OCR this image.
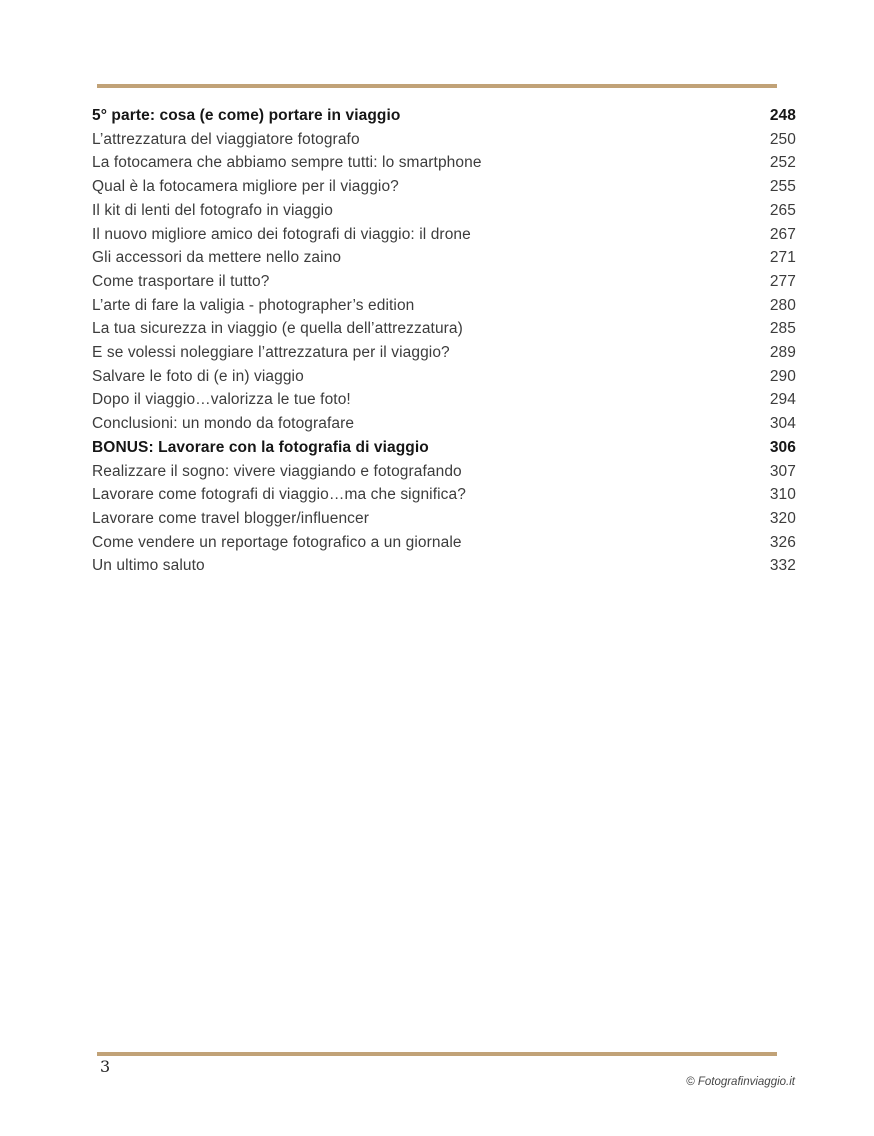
5° parte: cosa (e come) portare in viaggio	248
L’attrezzatura del viaggiatore fotografo	250
La fotocamera che abbiamo sempre tutti: lo smartphone	252
Qual è la fotocamera migliore per il viaggio?	255
Il kit di lenti del fotografo in viaggio	265
Il nuovo migliore amico dei fotografi di viaggio: il drone	267
Gli accessori da mettere nello zaino	271
Come trasportare il tutto?	277
L’arte di fare la valigia - photographer’s edition	280
La tua sicurezza in viaggio (e quella dell’attrezzatura)	285
E se volessi noleggiare l’attrezzatura per il viaggio?	289
Salvare le foto di (e in) viaggio	290
Dopo il viaggio…valorizza le tue foto!	294
Conclusioni: un mondo da fotografare	304
BONUS: Lavorare con la fotografia di viaggio	306
Realizzare il sogno: vivere viaggiando e fotografando	307
Lavorare come fotografi di viaggio…ma che significa?	310
Lavorare come travel blogger/influencer	320
Come vendere un reportage fotografico a un giornale	326
Un ultimo saluto	332
3
© Fotografinviaggio.it
